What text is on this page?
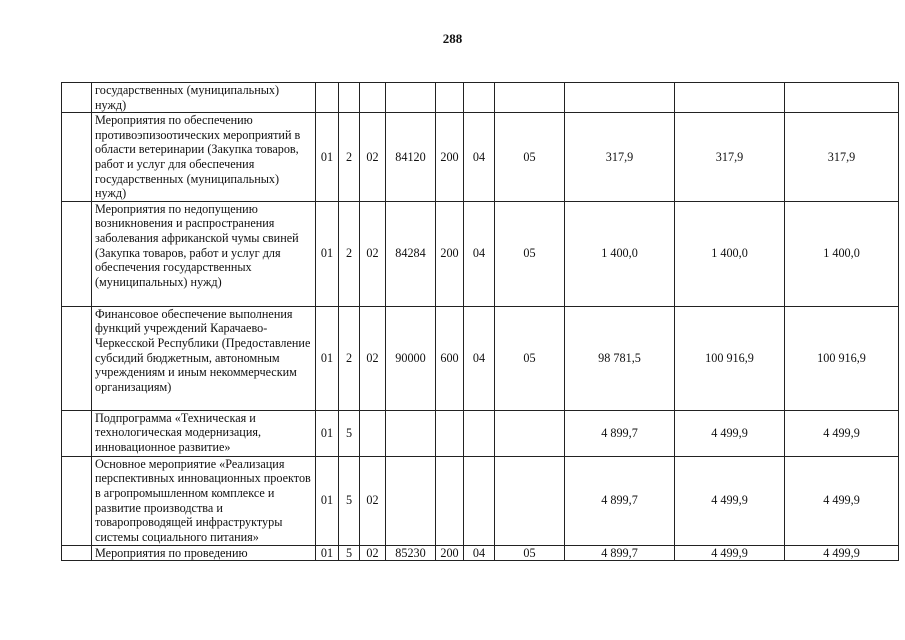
288
	государственных (муниципальных) нужд)										
	Мероприятия по обеспечению противоэпизоотических мероприятий в области ветеринарии (Закупка товаров, работ и услуг для обеспечения государственных (муниципальных) нужд)	01	2	02	84120	200	04	05	317,9	317,9	317,9
	Мероприятия по недопущению возникновения и распространения заболевания африканской чумы свиней (Закупка товаров, работ и услуг для обеспечения государственных (муниципальных) нужд)	01	2	02	84284	200	04	05	1 400,0	1 400,0	1 400,0
	Финансовое обеспечение выполнения функций учреждений Карачаево-Черкесской Республики (Предоставление субсидий бюджетным, автономным учреждениям и иным некоммерческим организациям)	01	2	02	90000	600	04	05	98 781,5	100 916,9	100 916,9
	Подпрограмма «Техническая и технологическая модернизация, инновационное развитие»	01	5						4 899,7	4 499,9	4 499,9
	Основное мероприятие «Реализация перспективных инновационных проектов в агропромышленном комплексе и развитие производства и товаропроводящей инфраструктуры системы социального питания»	01	5	02					4 899,7	4 499,9	4 499,9
	Мероприятия по проведению	01	5	02	85230	200	04	05	4 899,7	4 499,9	4 499,9
